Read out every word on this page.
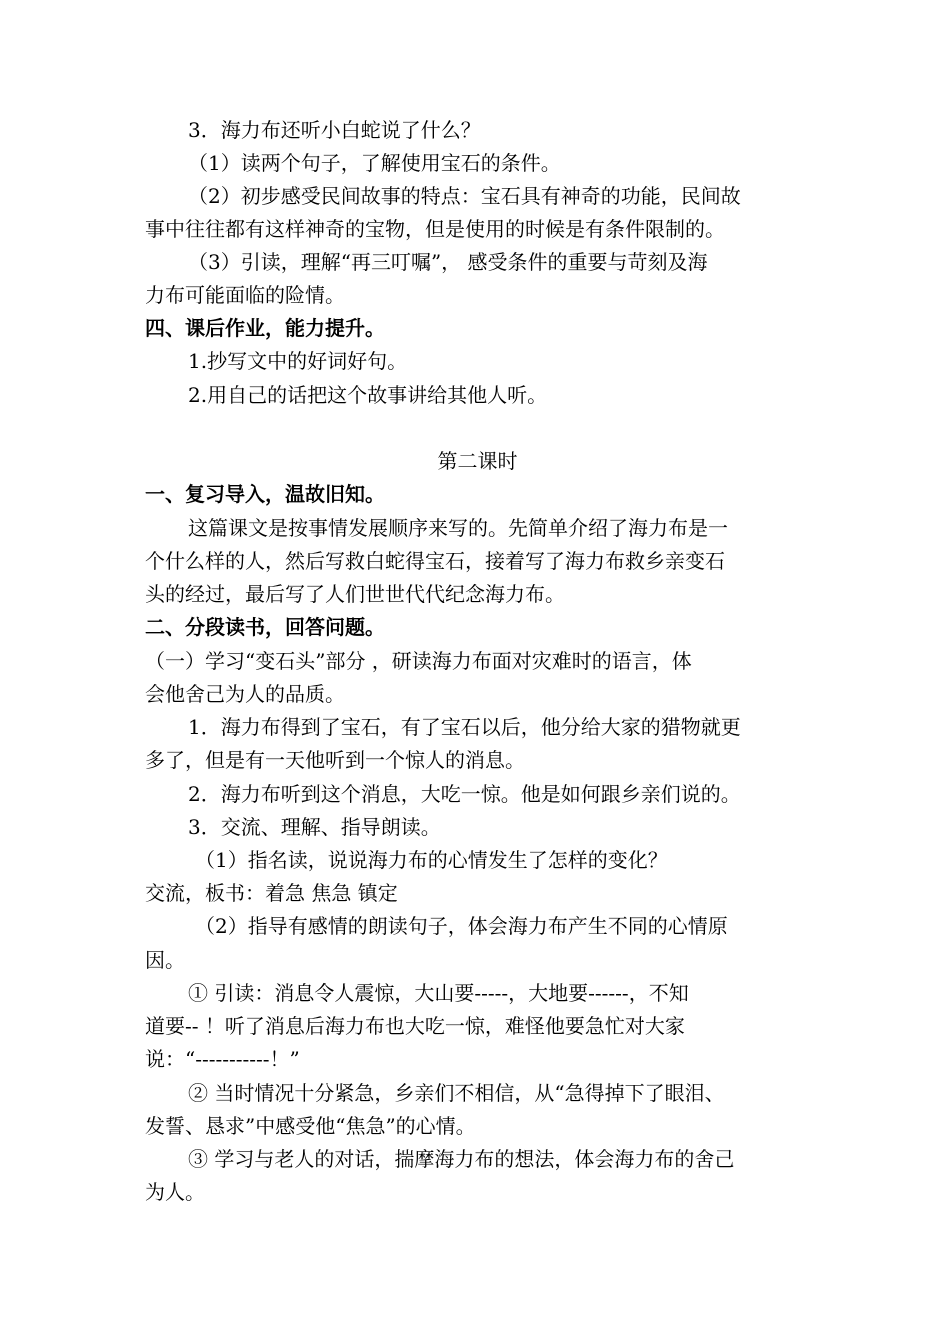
3．海力布还听小白蛇说了什么？
（1）读两个句子，了解使用宝石的条件。
（2）初步感受民间故事的特点：宝石具有神奇的功能，民间故
事中往往都有这样神奇的宝物，但是使用的时候是有条件限制的。
（3）引读，理解“再三叮嘱”， 感受条件的重要与苛刻及海
力布可能面临的险情。
四、课后作业，能力提升。
1.抄写文中的好词好句。
2.用自己的话把这个故事讲给其他人听。
第二课时
一、复习导入，温故旧知。
这篇课文是按事情发展顺序来写的。先简单介绍了海力布是一
个什么样的人，然后写救白蛇得宝石，接着写了海力布救乡亲变石
头的经过，最后写了人们世世代代纪念海力布。
二、分段读书，回答问题。
（一）学习“变石头”部分 ，研读海力布面对灾难时的语言，体
会他舍己为人的品质。
1．海力布得到了宝石，有了宝石以后，他分给大家的猎物就更
多了，但是有一天他听到一个惊人的消息。
2．海力布听到这个消息，大吃一惊。他是如何跟乡亲们说的。
3．交流、理解、指导朗读。
（1）指名读，说说海力布的心情发生了怎样的变化？
交流，板书：着急 焦急 镇定
（2）指导有感情的朗读句子，体会海力布产生不同的心情原
因。
① 引读：消息令人震惊，大山要-----，大地要------，不知
道要-- ！听了消息后海力布也大吃一惊，难怪他要急忙对大家
说：“-----------！”
② 当时情况十分紧急，乡亲们不相信，从“急得掉下了眼泪、
发誓、恳求”中感受他“焦急”的心情。
③ 学习与老人的对话，揣摩海力布的想法，体会海力布的舍己
为人。
